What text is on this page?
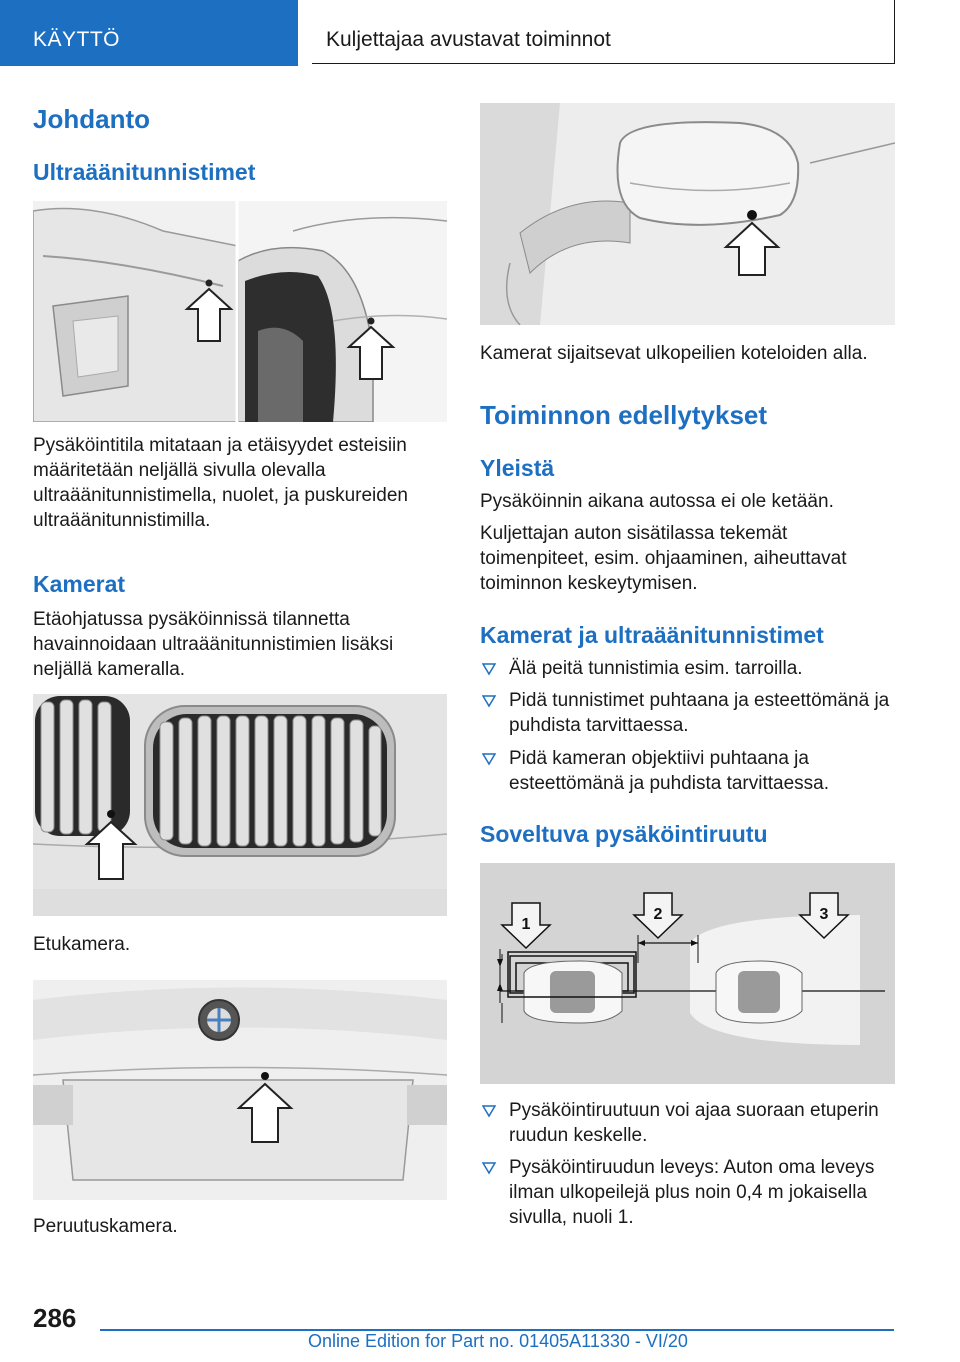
KÄYTTÖ	Kuljettajaa avustavat toiminnot
Johdanto
Ultraäänitunnistimet

Pysäköintitila mitataan ja etäisyydet esteisiin määritetään neljällä sivulla olevalla ultraäänitunnistimella, nuolet, ja puskureiden ultraäänitunnistimilla.

Kamerat

Etäohjatussa pysäköinnissä tilannetta havainnoidaan ultraäänitunnistimien lisäksi neljällä kameralla.

Etukamera.

Peruutuskamera.

Kamerat sijaitsevat ulkopeilien koteloiden alla.

Toiminnon edellytykset
Yleistä

Pysäköinnin aikana autossa ei ole ketään.

Kuljettajan auton sisätilassa tekemät toimenpiteet, esim. ohjaaminen, aiheuttavat toiminnon keskeytymisen.

Kamerat ja ultraäänitunnistimet
Älä peitä tunnistimia esim. tarroilla.
Pidä tunnistimet puhtaana ja esteettömänä ja puhdista tarvittaessa.
Pidä kameran objektiivi puhtaana ja esteettömänä ja puhdista tarvittaessa.
Soveltuva pysäköintiruutu
1
2	3
Pysäköintiruutuun voi ajaa suoraan etuperin ruudun keskelle.
Pysäköintiruudun leveys: Auton oma leveys ilman ulkopeilejä plus noin 0,4 m jokaisella sivulla, nuoli 1.
286
Online Edition for Part no. 01405A11330 - VI/20
